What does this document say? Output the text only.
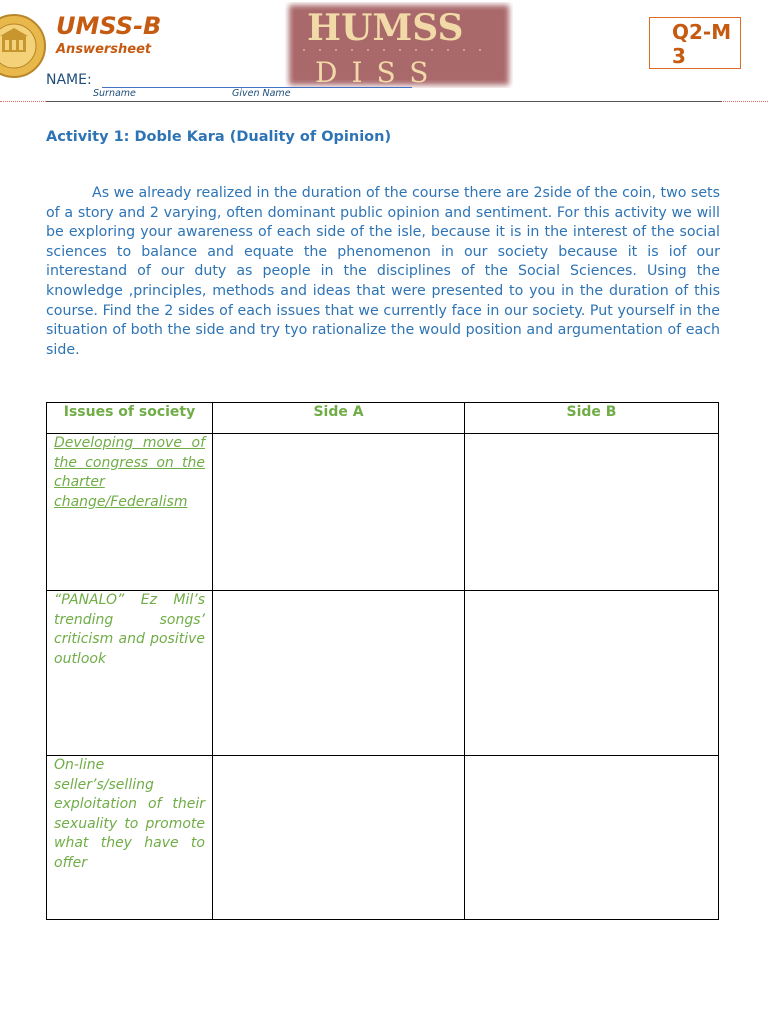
UMSS-B
Answersheet
HUMSS
DISS
Q2-M 3
NAME:
Surname	Given Name
Activity 1: Doble Kara (Duality of Opinion)

As we already realized in the duration of the course there are 2side of the coin, two sets of a story and 2 varying, often dominant public opinion and sentiment. For this activity we will be exploring your awareness of each side of the isle, because it is in the interest of the social sciences to balance and equate the phenomenon in our society because it is iof our interestand of our duty as people in the disciplines of the Social Sciences. Using the knowledge ,principles, methods and ideas that were presented to you in the duration of this course. Find the 2 sides of each issues that we currently face in our society. Put yourself in the situation of both the side and try tyo rationalize the would position and argumentation of each side.

Issues of society	Side A	Side B
Developing move of the congress on the charter change/Federalism		
“PANALO” Ez Mil’s trending songs’ criticism and positive outlook		
On-line seller’s/selling exploitation of their sexuality to promote what they have to offer		
